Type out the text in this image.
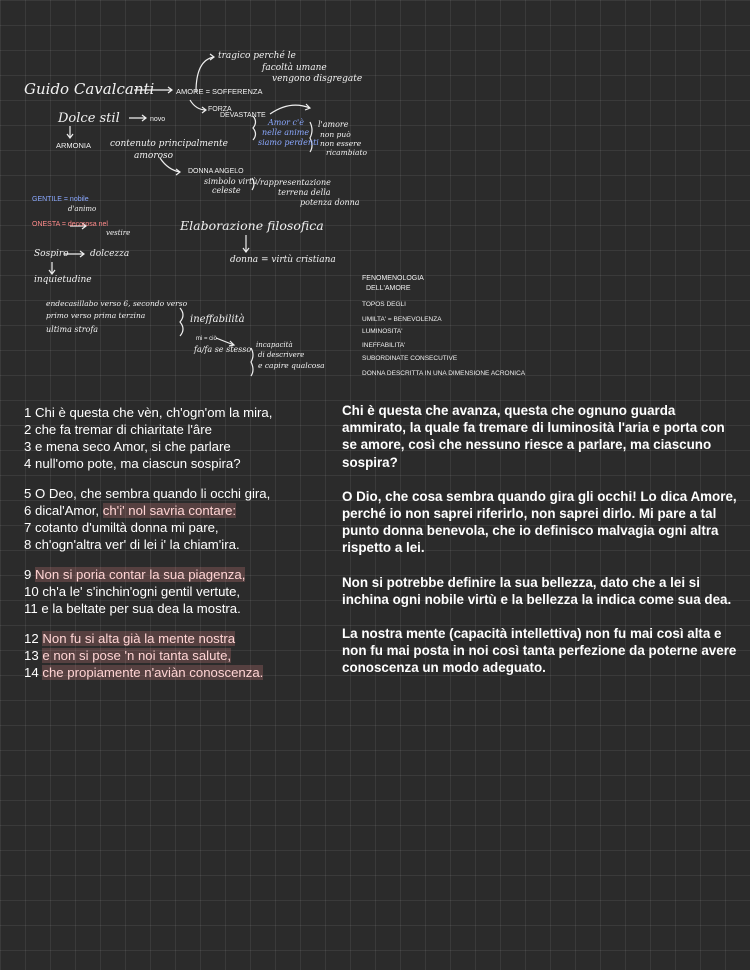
Guido Cavalcanti	AMORE = SOFFERENZA
tragico perché le
facoltà umane
vengono disgregate
FORZA
DEVASTANTE
Amor c'è
nelle anime
siamo perdenti
l'amore
non può
non essere
ricambiato
Dolce stil	novo
ARMONIA contenuto principalmente
amoroso
DONNA ANGELO
simbolo virtù/
celeste
rappresentazione
terrena della
potenza donna
GENTILE = nobile
d'animo
ONESTA = decorosa nel
vestire	Elaborazione filosofica
Sospiro dolcezza
inquietudine
donna = virtù cristiana
FENOMENOLOGIA
DELL'AMORE
endecasillabo verso 6, secondo verso
primo verso prima terzina
ultima strofa
ineffabilità
mi = ciò
fa/fa se stesso incapacità
di descrivere
e capire qualcosa
TOPOS DEGLI
UMILTA' = BENEVOLENZA
LUMINOSITA'
INEFFABILITA'
SUBORDINATE CONSECUTIVE
DONNA DESCRITTA IN UNA DIMENSIONE ACRONICA
1 Chi è questa che vèn, ch'ogn'om la mira,
2 che fa tremar di chiaritate l'âre
3 e mena seco Amor, si che parlare
4 null'omo pote, ma ciascun sospira?
5 O Deo, che sembra quando li occhi gira,
6 dical'Amor, ch'i' nol savria contare:
7 cotanto d'umiltà donna mi pare,
8 ch'ogn'altra ver' di lei i' la chiam'ira.
9 Non si poria contar la sua piagenza,
10 ch'a le' s'inchin'ogni gentil vertute,
11 e la beltate per sua dea la mostra.
12 Non fu si alta già la mente nostra
13 e non si pose 'n noi tanta salute,
14 che propiamente n'aviàn conoscenza.
Chi è questa che avanza, questa che ognuno guarda ammirato, la quale fa tremare di luminosità l'aria e porta con se amore, così che nessuno riesce a parlare, ma ciascuno sospira?
O Dio, che cosa sembra quando gira gli occhi! Lo dica Amore, perché io non saprei riferirlo, non saprei dirlo. Mi pare a tal punto donna benevola, che io definisco malvagia ogni altra rispetto a lei.
Non si potrebbe definire la sua bellezza, dato che a lei si inchina ogni nobile virtù e la bellezza la indica come sua dea.
La nostra mente (capacità intellettiva) non fu mai così alta e non fu mai posta in noi così tanta perfezione da poterne avere conoscenza un modo adeguato.
